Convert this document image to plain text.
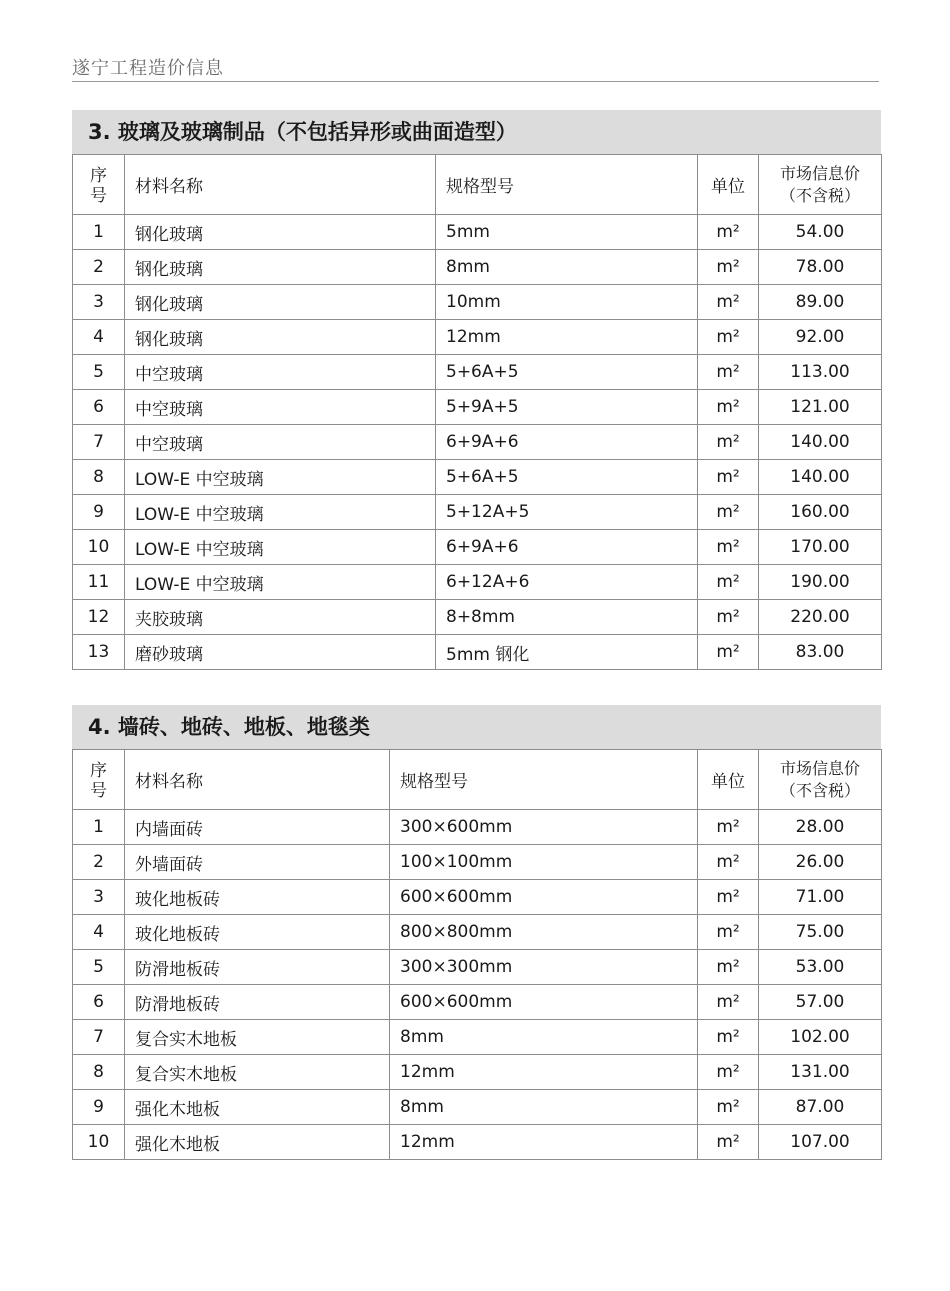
遂宁工程造价信息
3. 玻璃及玻璃制品（不包括异形或曲面造型）
序
号	材料名称	规格型号	单位	市场信息价
（不含税）
1	钢化玻璃	5mm	m²	54.00
2	钢化玻璃	8mm	m²	78.00
3	钢化玻璃	10mm	m²	89.00
4	钢化玻璃	12mm	m²	92.00
5	中空玻璃	5+6A+5	m²	113.00
6	中空玻璃	5+9A+5	m²	121.00
7	中空玻璃	6+9A+6	m²	140.00
8	LOW-E 中空玻璃	5+6A+5	m²	140.00
9	LOW-E 中空玻璃	5+12A+5	m²	160.00
10	LOW-E 中空玻璃	6+9A+6	m²	170.00
11	LOW-E 中空玻璃	6+12A+6	m²	190.00
12	夹胶玻璃	8+8mm	m²	220.00
13	磨砂玻璃	5mm 钢化	m²	83.00
4. 墙砖、地砖、地板、地毯类
序
号	材料名称	规格型号	单位	市场信息价
（不含税）
1	内墙面砖	300×600mm	m²	28.00
2	外墙面砖	100×100mm	m²	26.00
3	玻化地板砖	600×600mm	m²	71.00
4	玻化地板砖	800×800mm	m²	75.00
5	防滑地板砖	300×300mm	m²	53.00
6	防滑地板砖	600×600mm	m²	57.00
7	复合实木地板	8mm	m²	102.00
8	复合实木地板	12mm	m²	131.00
9	强化木地板	8mm	m²	87.00
10	强化木地板	12mm	m²	107.00
